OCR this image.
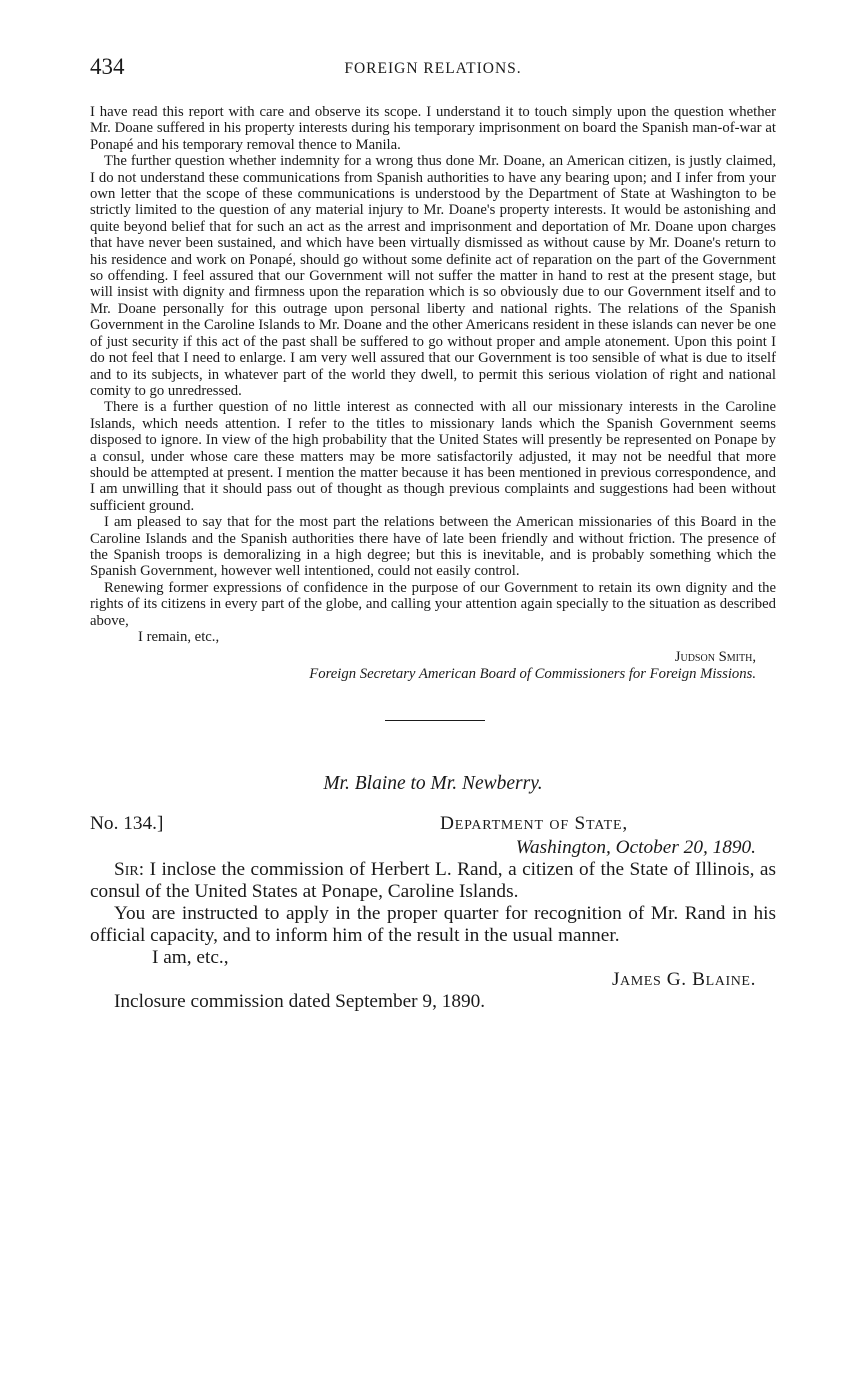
434	FOREIGN RELATIONS.

I have read this report with care and observe its scope. I understand it to touch simply upon the question whether Mr. Doane suffered in his property interests during his temporary imprisonment on board the Spanish man-of-war at Ponapé and his temporary removal thence to Manila.

The further question whether indemnity for a wrong thus done Mr. Doane, an American citizen, is justly claimed, I do not understand these communications from Spanish authorities to have any bearing upon; and I infer from your own letter that the scope of these communications is understood by the Department of State at Washington to be strictly limited to the question of any material injury to Mr. Doane's property interests. It would be astonishing and quite beyond belief that for such an act as the arrest and imprisonment and deportation of Mr. Doane upon charges that have never been sustained, and which have been virtually dismissed as without cause by Mr. Doane's return to his residence and work on Ponapé, should go without some definite act of reparation on the part of the Government so offending. I feel assured that our Government will not suffer the matter in hand to rest at the present stage, but will insist with dignity and firmness upon the reparation which is so obviously due to our Government itself and to Mr. Doane personally for this outrage upon personal liberty and national rights. The relations of the Spanish Government in the Caroline Islands to Mr. Doane and the other Americans resident in these islands can never be one of just security if this act of the past shall be suffered to go without proper and ample atonement. Upon this point I do not feel that I need to enlarge. I am very well assured that our Government is too sensible of what is due to itself and to its subjects, in whatever part of the world they dwell, to permit this serious violation of right and national comity to go unredressed.

There is a further question of no little interest as connected with all our missionary interests in the Caroline Islands, which needs attention. I refer to the titles to missionary lands which the Spanish Government seems disposed to ignore. In view of the high probability that the United States will presently be represented on Ponape by a consul, under whose care these matters may be more satisfactorily adjusted, it may not be needful that more should be attempted at present. I mention the matter because it has been mentioned in previous correspondence, and I am unwilling that it should pass out of thought as though previous complaints and suggestions had been without sufficient ground.

I am pleased to say that for the most part the relations between the American missionaries of this Board in the Caroline Islands and the Spanish authorities there have of late been friendly and without friction. The presence of the Spanish troops is demoralizing in a high degree; but this is inevitable, and is probably something which the Spanish Government, however well intentioned, could not easily control.

Renewing former expressions of confidence in the purpose of our Government to retain its own dignity and the rights of its citizens in every part of the globe, and calling your attention again specially to the situation as described above,

I remain, etc.,
Judson Smith,
Foreign Secretary American Board of Commissioners for Foreign Missions.
Mr. Blaine to Mr. Newberry.
No. 134.]	Department of State,
Washington, October 20, 1890.

Sir: I inclose the commission of Herbert L. Rand, a citizen of the State of Illinois, as consul of the United States at Ponape, Caroline Islands.

You are instructed to apply in the proper quarter for recognition of Mr. Rand in his official capacity, and to inform him of the result in the usual manner.

I am, etc.,
James G. Blaine.
Inclosure commission dated September 9, 1890.
